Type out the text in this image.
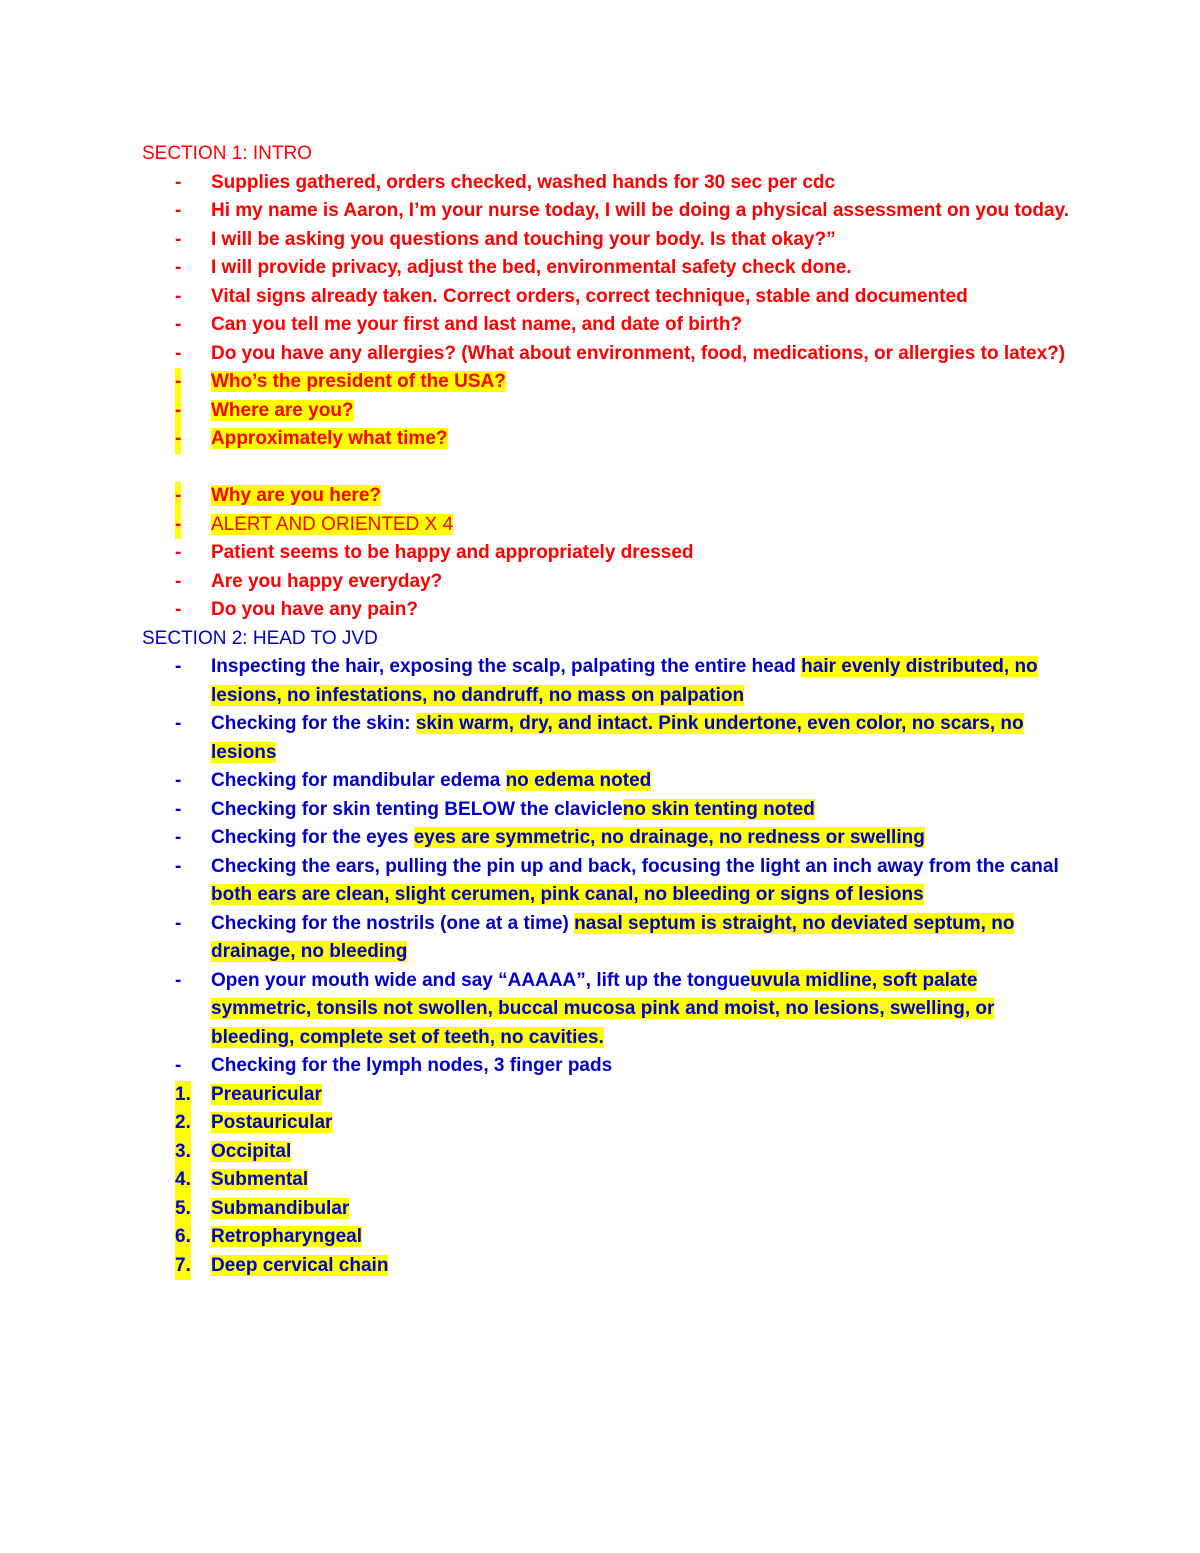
SECTION 1: INTRO
- Supplies gathered, orders checked, washed hands for 30 sec per cdc
- Hi my name is Aaron, I’m your nurse today, I will be doing a physical assessment on you today.
- I will be asking you questions and touching your body. Is that okay?”
- I will provide privacy, adjust the bed, environmental safety check done.
- Vital signs already taken. Correct orders, correct technique, stable and documented
- Can you tell me your first and last name, and date of birth?
- Do you have any allergies? (What about environment, food, medications, or allergies to latex?)
- Who’s the president of the USA?
- Where are you?
- Approximately what time?
- Why are you here?
- ALERT AND ORIENTED X 4
- Patient seems to be happy and appropriately dressed
- Are you happy everyday?
- Do you have any pain?
SECTION 2: HEAD TO JVD
- Inspecting the hair, exposing the scalp, palpating the entire head hair evenly distributed, no lesions, no infestations, no dandruff, no mass on palpation
- Checking for the skin: skin warm, dry, and intact. Pink undertone, even color, no scars, no lesions
- Checking for mandibular edema no edema noted
- Checking for skin tenting BELOW the clavicleno skin tenting noted
- Checking for the eyes eyes are symmetric, no drainage, no redness or swelling
- Checking the ears, pulling the pin up and back, focusing the light an inch away from the canal both ears are clean, slight cerumen, pink canal, no bleeding or signs of lesions
- Checking for the nostrils (one at a time) nasal septum is straight, no deviated septum, no drainage, no bleeding
- Open your mouth wide and say “AAAAA”, lift up the tongueuvula midline, soft palate symmetric, tonsils not swollen, buccal mucosa pink and moist, no lesions, swelling, or bleeding, complete set of teeth, no cavities.
- Checking for the lymph nodes, 3 finger pads
1. Preauricular
2. Postauricular
3. Occipital
4. Submental
5. Submandibular
6. Retropharyngeal
7. Deep cervical chain
